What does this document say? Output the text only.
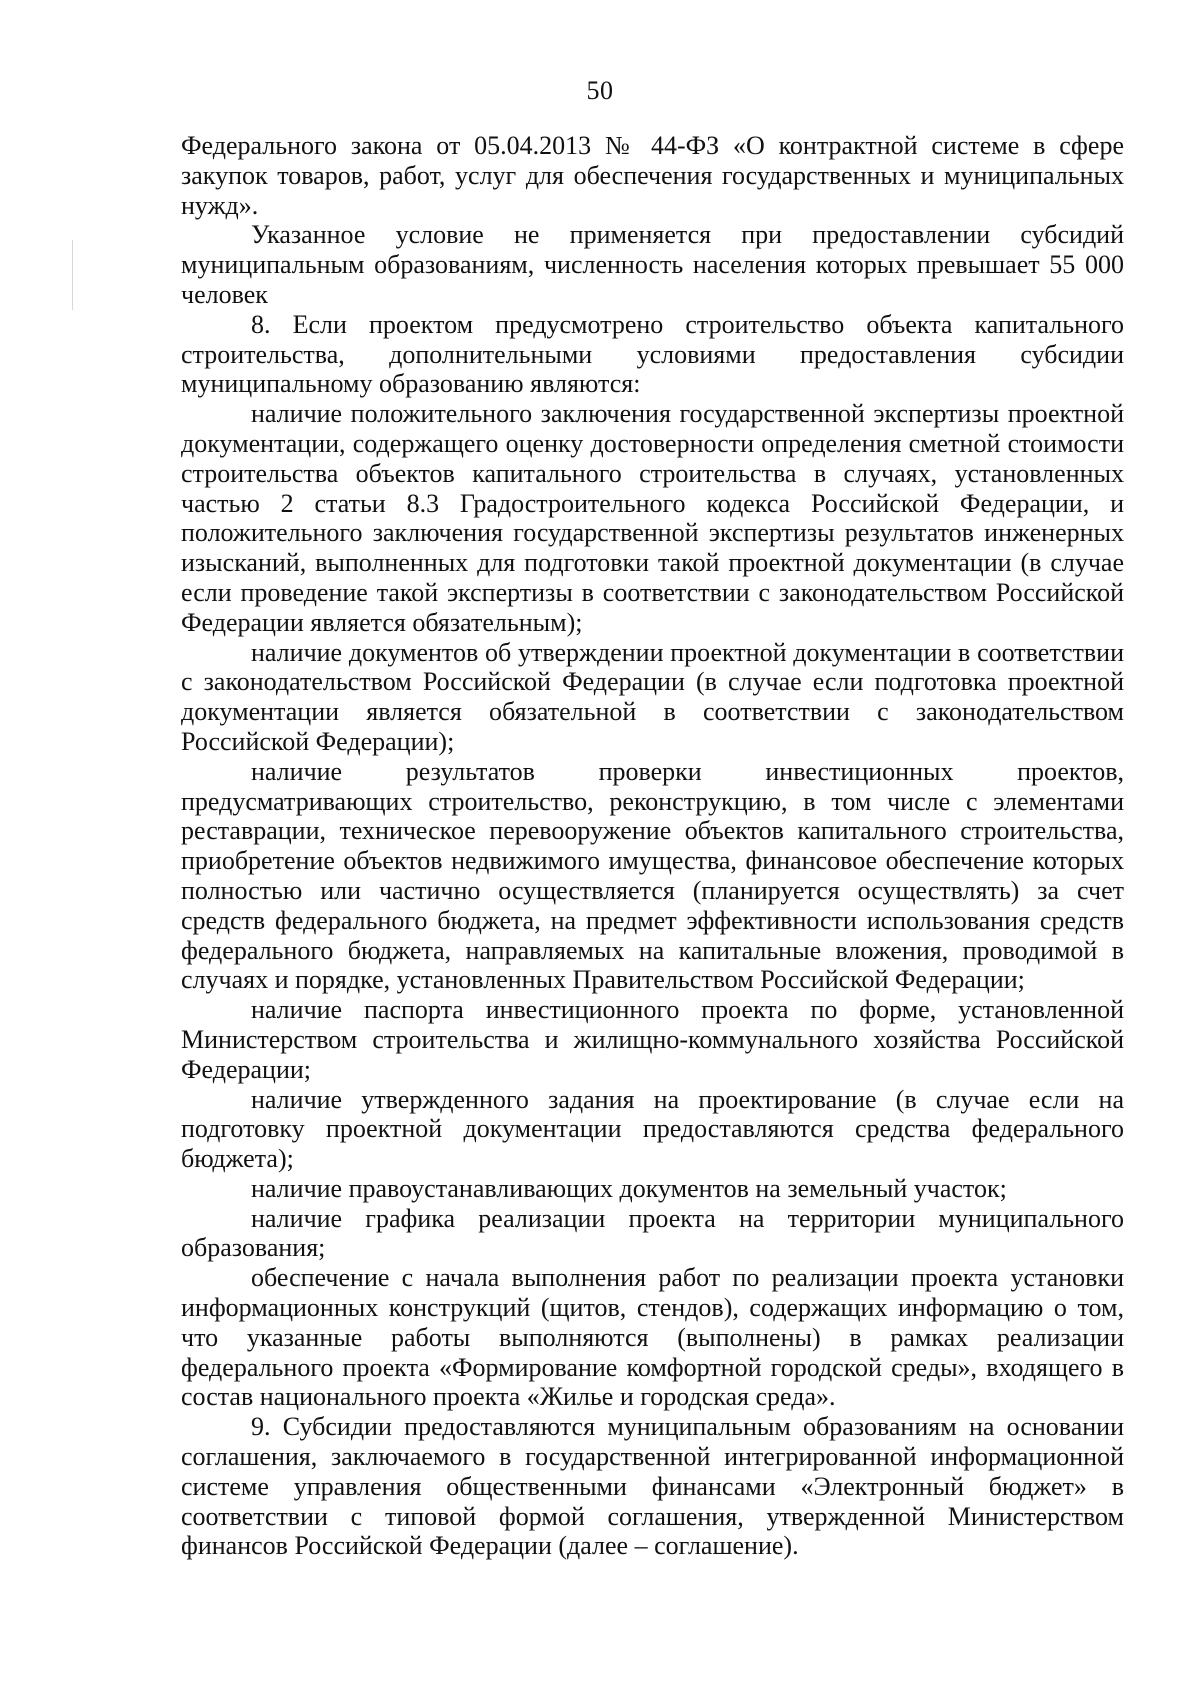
50

Федерального закона от 05.04.2013 № 44-ФЗ «О контрактной системе в сфере закупок товаров, работ, услуг для обеспечения государственных и муниципальных нужд».

Указанное условие не применяется при предоставлении субсидий муниципальным образованиям, численность населения которых превышает 55 000 человек

8. Если проектом предусмотрено строительство объекта капитального строительства, дополнительными условиями предоставления субсидии муниципальному образованию являются:

наличие положительного заключения государственной экспертизы проектной документации, содержащего оценку достоверности определения сметной стоимости строительства объектов капитального строительства в случаях, установленных частью 2 статьи 8.3 Градостроительного кодекса Российской Федерации, и положительного заключения государственной экспертизы результатов инженерных изысканий, выполненных для подготовки такой проектной документации (в случае если проведение такой экспертизы в соответствии с законодательством Российской Федерации является обязательным);

наличие документов об утверждении проектной документации в соответствии с законодательством Российской Федерации (в случае если подготовка проектной документации является обязательной в соответствии с законодательством Российской Федерации);

наличие результатов проверки инвестиционных проектов, предусматривающих строительство, реконструкцию, в том числе с элементами реставрации, техническое перевооружение объектов капитального строительства, приобретение объектов недвижимого имущества, финансовое обеспечение которых полностью или частично осуществляется (планируется осуществлять) за счет средств федерального бюджета, на предмет эффективности использования средств федерального бюджета, направляемых на капитальные вложения, проводимой в случаях и порядке, установленных Правительством Российской Федерации;

наличие паспорта инвестиционного проекта по форме, установленной Министерством строительства и жилищно-коммунального хозяйства Российской Федерации;

наличие утвержденного задания на проектирование (в случае если на подготовку проектной документации предоставляются средства федерального бюджета);

наличие правоустанавливающих документов на земельный участок;

наличие графика реализации проекта на территории муниципального образования;

обеспечение с начала выполнения работ по реализации проекта установки информационных конструкций (щитов, стендов), содержащих информацию о том, что указанные работы выполняются (выполнены) в рамках реализации федерального проекта «Формирование комфортной городской среды», входящего в состав национального проекта «Жилье и городская среда».

9. Субсидии предоставляются муниципальным образованиям на основании соглашения, заключаемого в государственной интегрированной информационной системе управления общественными финансами «Электронный бюджет» в соответствии с типовой формой соглашения, утвержденной Министерством финансов Российской Федерации (далее – соглашение).
